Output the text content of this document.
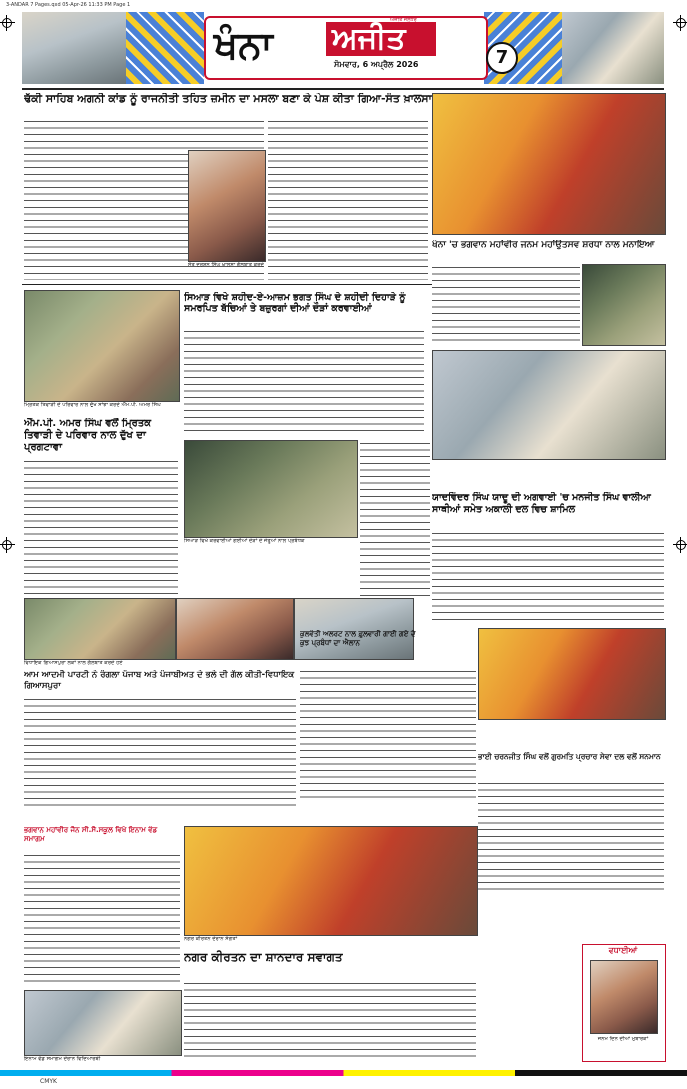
3-ANDAR 7 Pages.qxd 05-Apr-26 11:33 PM Page 1
ਖੰਨਾ	ਅਜੀਤ
ਅਜੀਤ ਜਲੰਧਰ
ਸੋਮਵਾਰ, 6 ਅਪ੍ਰੈਲ 2026	7
ਢੱਕੀ ਸਾਹਿਬ ਅਗਨੀ ਕਾਂਡ ਨੂੰ ਰਾਜਨੀਤੀ ਤਹਿਤ ਜ਼ਮੀਨ ਦਾ ਮਸਲਾ ਬਣਾ ਕੇ ਪੇਸ਼ ਕੀਤਾ ਗਿਆ-ਸੰਤ ਖ਼ਾਲਸਾ
ਸੰਤ ਦਰਸ਼ਨ ਸਿੰਘ ਖ਼ਾਲਸਾ ਗੱਲਬਾਤ ਕਰਦੇ
ਖੰਨਾ 'ਚ ਭਗਵਾਨ ਮਹਾਂਵੀਰ ਜਨਮ ਮਹਾਂਉਤਸਵ ਸ਼ਰਧਾ ਨਾਲ ਮਨਾਇਆ
ਮ੍ਰਿਤਕ ਤਿਵਾੜੀ ਦੇ ਪਰਿਵਾਰ ਨਾਲ ਦੁੱਖ ਸਾਂਝਾ ਕਰਦੇ ਐੱਮ.ਪੀ. ਅਮਰ ਸਿੰਘ
ਐੱਮ.ਪੀ. ਅਮਰ ਸਿੰਘ ਵਲੋਂ ਮ੍ਰਿਤਕ ਤਿਵਾੜੀ ਦੇ ਪਰਿਵਾਰ ਨਾਲ ਦੁੱਖ ਦਾ ਪ੍ਰਗਟਾਵਾ
ਸਿਆੜ ਵਿਖੇ ਸ਼ਹੀਦ-ਏ-ਆਜ਼ਮ ਭਗਤ ਸਿੰਘ ਦੇ ਸ਼ਹੀਦੀ ਦਿਹਾੜੇ ਨੂੰ ਸਮਰਪਿਤ ਬੱਚਿਆਂ ਤੇ ਬਜ਼ੁਰਗਾਂ ਦੀਆਂ ਦੌੜਾਂ ਕਰਵਾਈਆਂ
ਸਿਆੜ ਵਿਖੇ ਕਰਵਾਈਆਂ ਗਈਆਂ ਦੌੜਾਂ ਦੇ ਜੇਤੂਆਂ ਨਾਲ ਪ੍ਰਬੰਧਕ
ਯਾਦਵਿੰਦਰ ਸਿੰਘ ਯਾਦੂ ਦੀ ਅਗਵਾਈ 'ਚ ਮਨਜੀਤ ਸਿੰਘ ਵਾਲੀਆ ਸਾਥੀਆਂ ਸਮੇਤ ਅਕਾਲੀ ਦਲ ਵਿਚ ਸ਼ਾਮਿਲ
ਵਿਧਾਇਕ ਗਿਆਸਪੁਰਾ ਲੋਕਾਂ ਨਾਲ ਗੱਲਬਾਤ ਕਰਦੇ ਹੋਏ
ਕੁਲਵੰਤੀ ਅਲਰਟ ਨਾਲ ਫ਼ੁਲਵਾਰੀ ਗਾਈ ਗਏ ਦੇ ਕੁਝ ਪ੍ਰਬੰਧਾਂ ਦਾ ਐਲਾਨ
ਆਮ ਆਦਮੀ ਪਾਰਟੀ ਨੇ ਰੰਗਲਾ ਪੰਜਾਬ ਅਤੇ ਪੰਜਾਬੀਅਤ ਦੇ ਭਲੇ ਦੀ ਗੱਲ ਕੀਤੀ-ਵਿਧਾਇਕ ਗਿਆਸਪੁਰਾ
ਭਾਈ ਚਰਨਜੀਤ ਸਿੰਘ ਵਲੋਂ ਗੁਰਮਤਿ ਪ੍ਰਚਾਰ ਸੇਵਾ ਦਲ ਵਲੋਂ ਸਨਮਾਨ
ਭਗਵਾਨ ਮਹਾਂਵੀਰ ਜੈਨ ਸੀ.ਸੈ.ਸਕੂਲ ਵਿਖੇ ਇਨਾਮ ਵੰਡ ਸਮਾਗਮ
ਇਨਾਮ ਵੰਡ ਸਮਾਗਮ ਦੌਰਾਨ ਵਿਦਿਆਰਥੀ
ਨਗਰ ਕੀਰਤਨ ਦੌਰਾਨ ਸੰਗਤਾਂ
ਨਗਰ ਕੀਰਤਨ ਦਾ ਸ਼ਾਨਦਾਰ ਸਵਾਗਤ	ਵਧਾਈਆਂ
ਜਨਮ ਦਿਨ ਦੀਆਂ ਮੁਬਾਰਕਾਂ
CMYK
